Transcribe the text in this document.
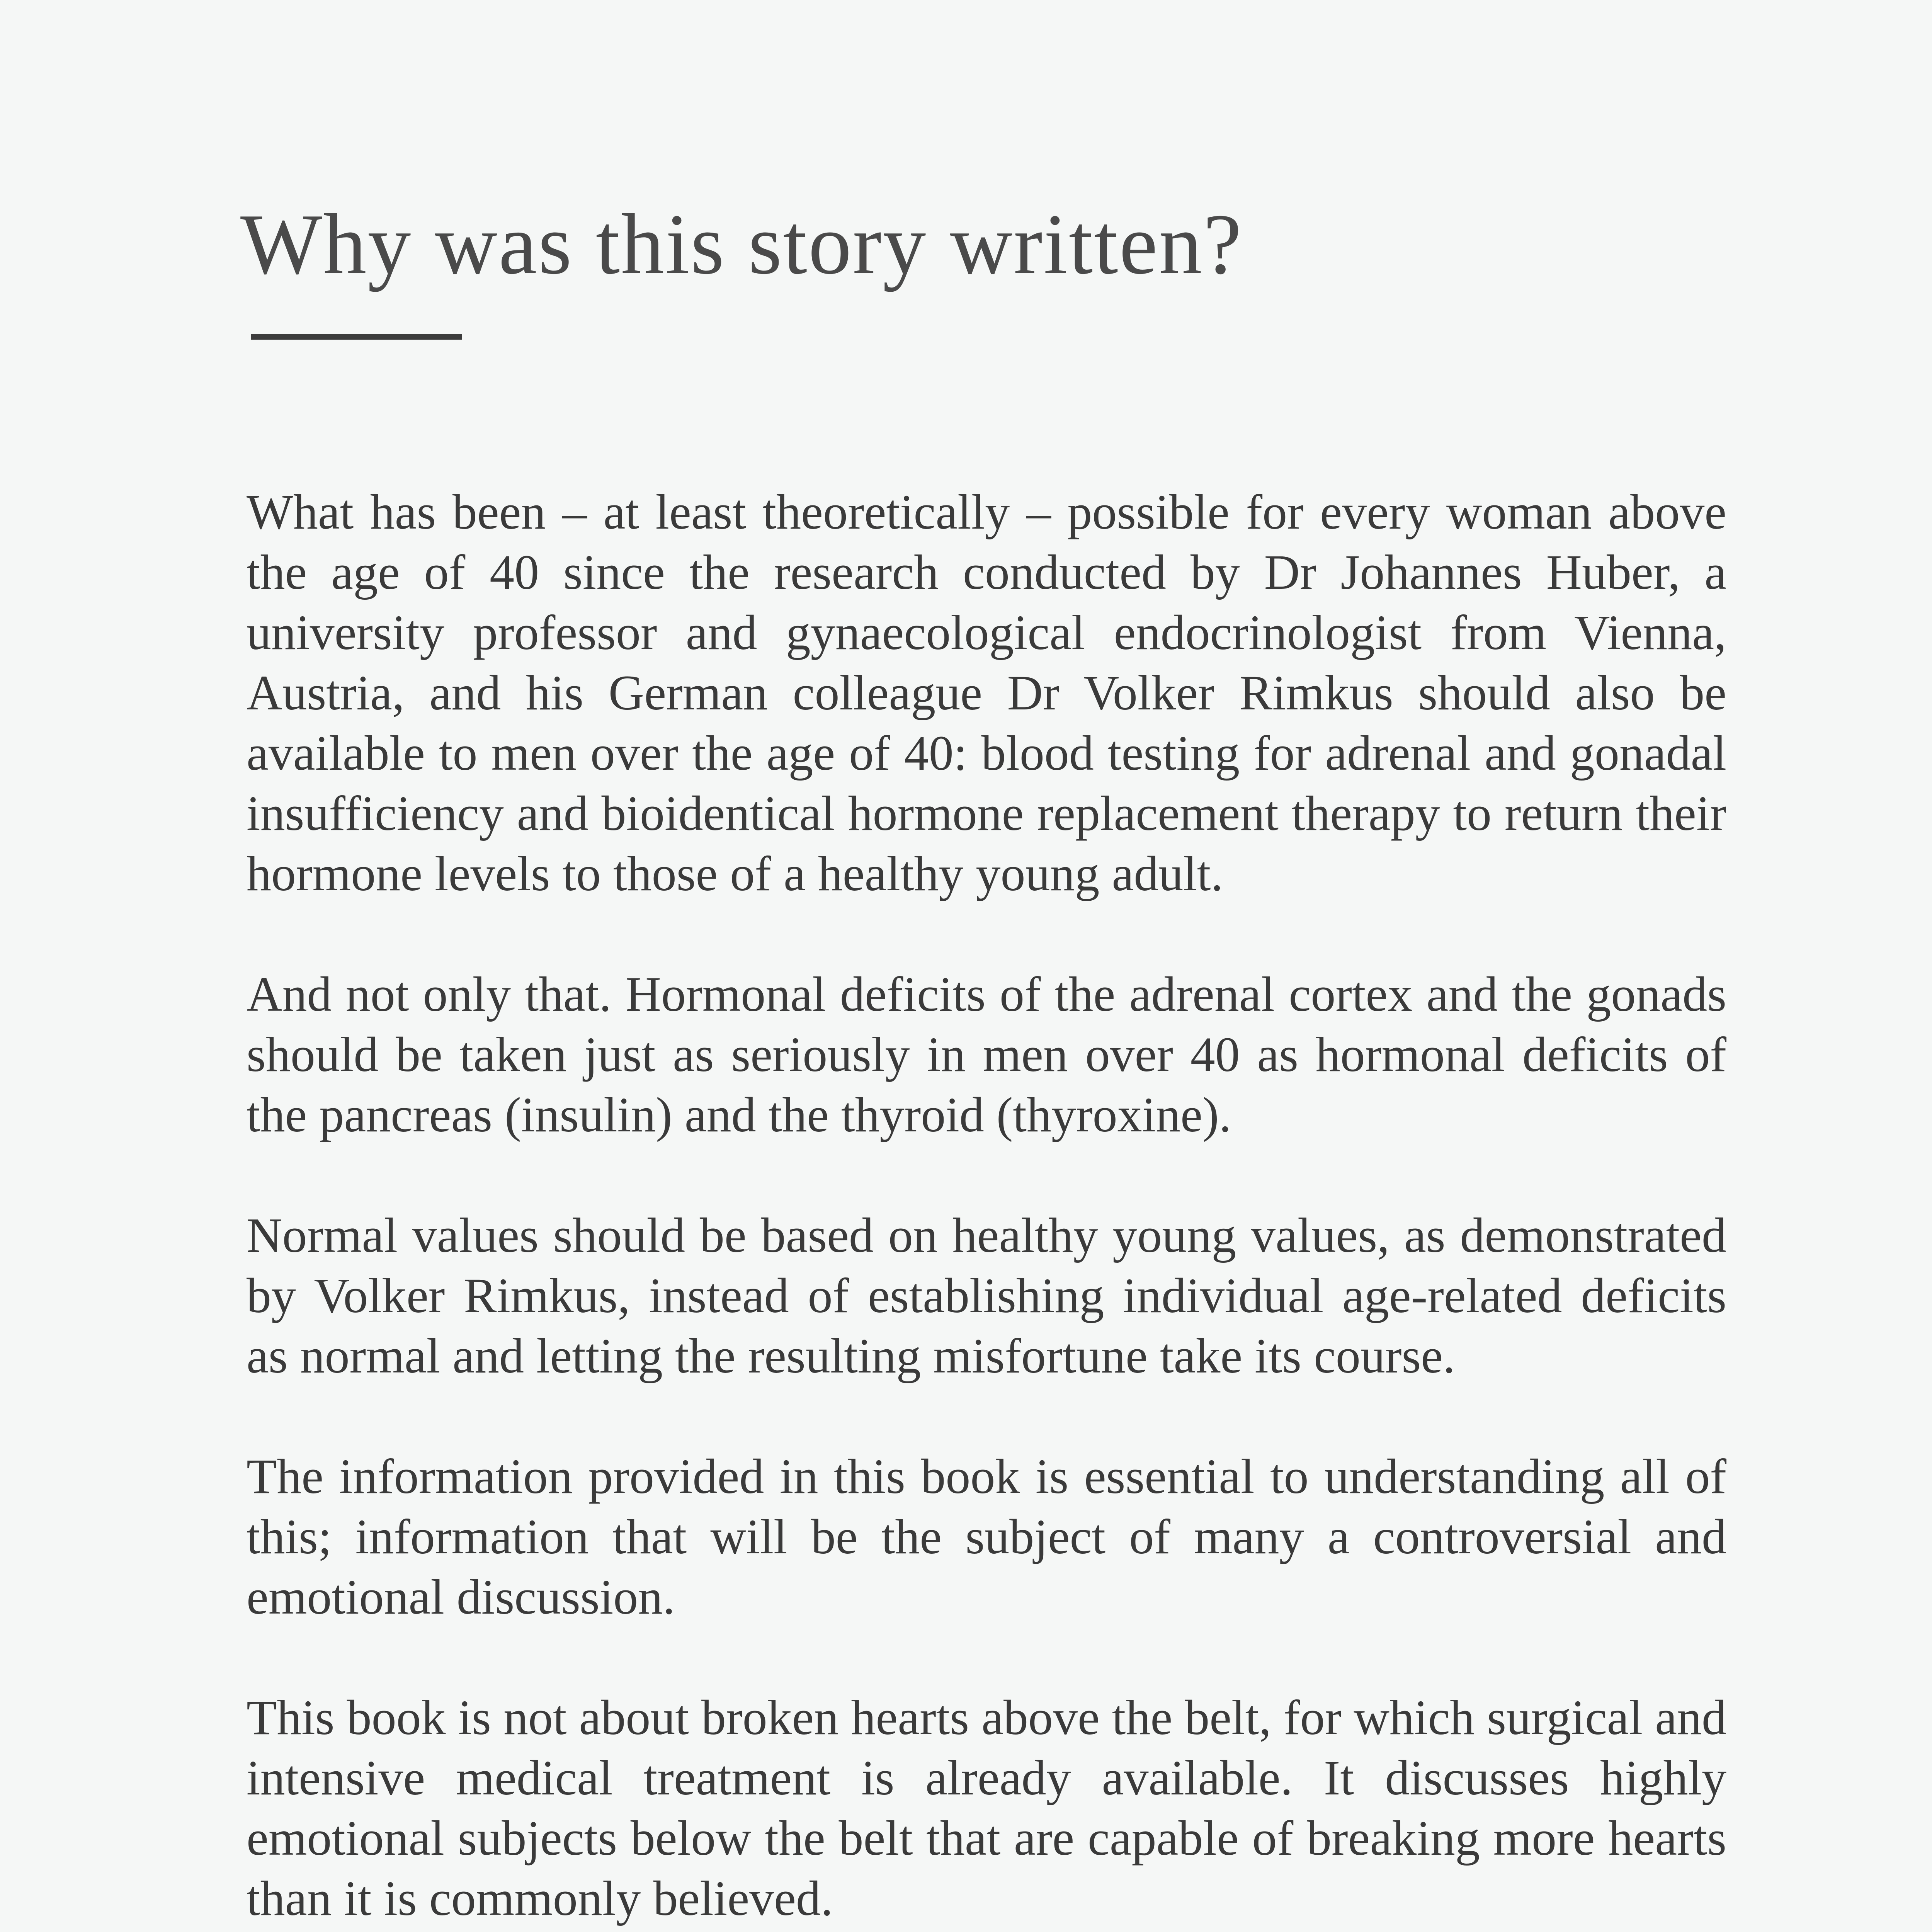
Why was this story written?

What has been – at least theoretically – possible for every woman above the age of 40 since the research conducted by Dr Johannes Huber, a university professor and gynaecological endocrinologist from Vienna, Austria, and his German colleague Dr Volker Rimkus should also be available to men over the age of 40: blood testing for adrenal and gonadal insufficiency and bioidentical hormone replacement therapy to return their hormone levels to those of a healthy young adult.

And not only that. Hormonal deficits of the adrenal cortex and the gonads should be taken just as seriously in men over 40 as hormonal deficits of the pancreas (insulin) and the thyroid (thyroxine).

Normal values should be based on healthy young values, as demonstrated by Volker Rimkus, instead of establishing individual age-related deficits as normal and letting the resulting misfortune take its course.

The information provided in this book is essential to understanding all of this; information that will be the subject of many a controversial and emotional discussion.

This book is not about broken hearts above the belt, for which surgical and intensive medical treatment is already available. It discusses highly emotional subjects below the belt that are capable of breaking more hearts than it is commonly believed.
